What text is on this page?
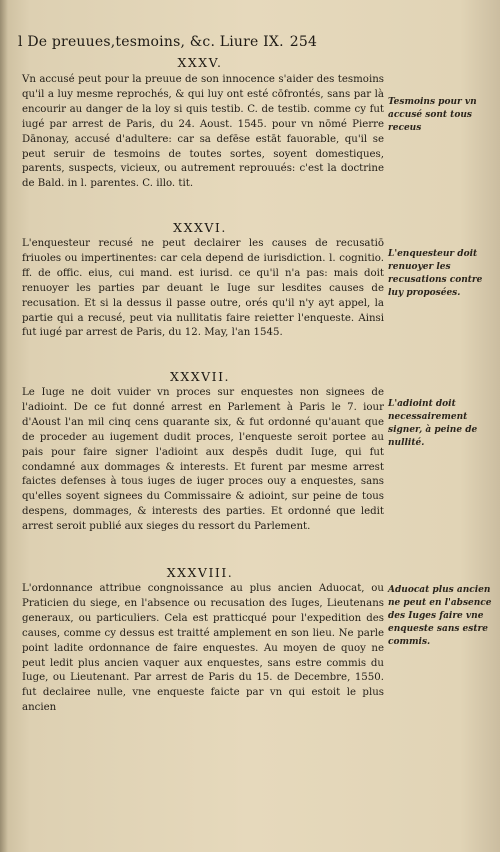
l De preuues,tesmoins, &c. Liure IX. 254
XXXV.

Vn accusé peut pour la preuue de son innocence s'aider des tesmoins qu'il a luy mesme reprochés, & qui luy ont esté cōfrontés, sans par là encourir au danger de la loy si quis testib. C. de testib. comme cy fut iugé par arrest de Paris, du 24. Aoust. 1545. pour vn nōmé Pierre Dānonay, accusé d'adultere: car sa defēse estāt fauorable, qu'il se peut seruir de tesmoins de toutes sortes, soyent domestiques, parents, suspects, vicieux, ou autrement reprouués: c'est la doctrine de Bald. in l. parentes. C. illo. tit.

Tesmoins pour vn accusé sont tous receus
XXXVI.

L'enquesteur recusé ne peut declairer les causes de recusatiō friuoles ou impertinentes: car cela depend de iurisdiction. l. cognitio. ff. de offic. eius, cui mand. est iurisd. ce qu'il n'a pas: mais doit renuoyer les parties par deuant le Iuge sur lesdites causes de recusation. Et si la dessus il passe outre, orés qu'il n'y ayt appel, la partie qui a recusé, peut via nullitatis faire reietter l'enqueste. Ainsi fut iugé par arrest de Paris, du 12. May, l'an 1545.

L'enquesteur doit renuoyer les recusations contre luy proposées.
XXXVII.

Le Iuge ne doit vuider vn proces sur enquestes non signees de l'adioint. De ce fut donné arrest en Parlement à Paris le 7. iour d'Aoust l'an mil cinq cens quarante six, & fut ordonné qu'auant que de proceder au iugement dudit proces, l'enqueste seroit portee au pais pour faire signer l'adioint aux despēs dudit Iuge, qui fut condamné aux dommages & interests. Et furent par mesme arrest faictes defenses à tous iuges de iuger proces ouy a enquestes, sans qu'elles soyent signees du Commissaire & adioint, sur peine de tous despens, dommages, & interests des parties. Et ordonné que ledit arrest seroit publié aux sieges du ressort du Parlement.

L'adioint doit necessairement signer, à peine de nullité.
XXXVIII.

L'ordonnance attribue congnoissance au plus ancien Aduocat, ou Praticien du siege, en l'absence ou recusation des Iuges, Lieutenans generaux, ou particuliers. Cela est pratticqué pour l'expedition des causes, comme cy dessus est traitté amplement en son lieu. Ne parle point ladite ordonnance de faire enquestes. Au moyen de quoy ne peut ledit plus ancien vaquer aux enquestes, sans estre commis du Iuge, ou Lieutenant. Par arrest de Paris du 15. de Decembre, 1550. fut declairee nulle, vne enqueste faicte par vn qui estoit le plus ancien

Aduocat plus ancien ne peut en l'absence des Iuges faire vne enqueste sans estre commis.
